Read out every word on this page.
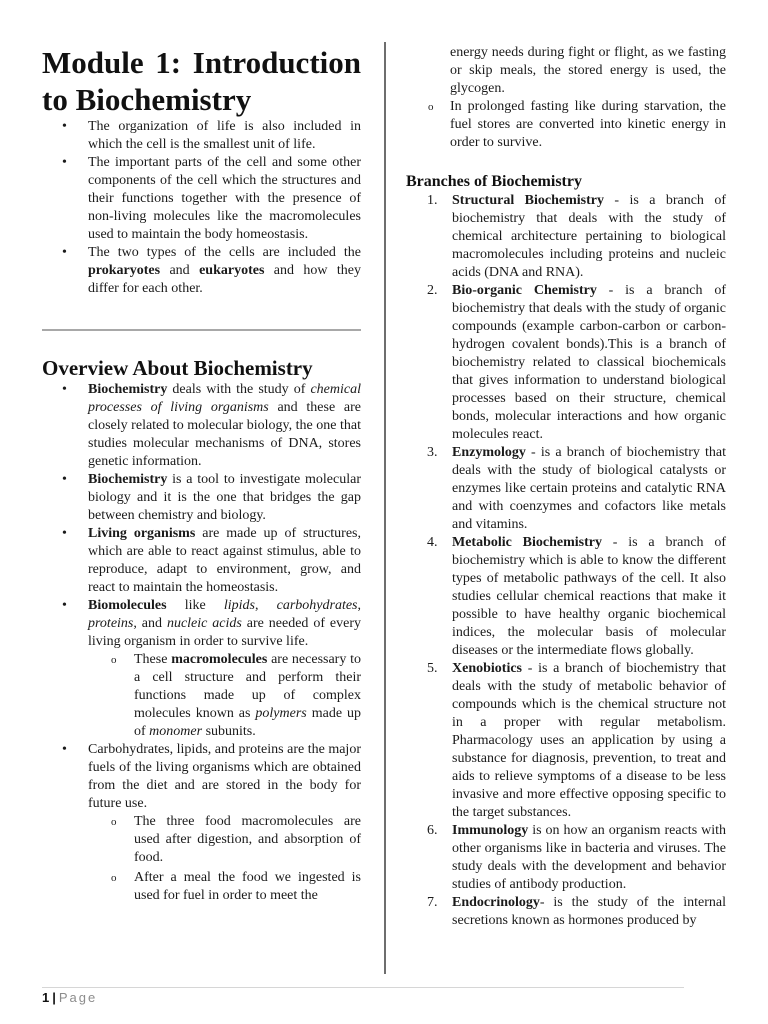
Module 1: Introduction
to Biochemistry
• The organization of life is also included in which the cell is the smallest unit of life.
• The important parts of the cell and some other components of the cell which the structures and their functions together with the presence of non-living molecules like the macromolecules used to maintain the body homeostasis.
• The two types of the cells are included the prokaryotes and eukaryotes and how they differ for each other.
Overview About Biochemistry
• Biochemistry deals with the study of chemical processes of living organisms and these are closely related to molecular biology, the one that studies molecular mechanisms of DNA, stores genetic information.
• Biochemistry is a tool to investigate molecular biology and it is the one that bridges the gap between chemistry and biology.
• Living organisms are made up of structures, which are able to react against stimulus, able to reproduce, adapt to environment, grow, and react to maintain the homeostasis.
• Biomolecules like lipids, carbohydrates, proteins, and nucleic acids are needed of every living organism in order to survive life.
o These macromolecules are necessary to a cell structure and perform their functions made up of complex molecules known as polymers made up of monomer subunits.
• Carbohydrates, lipids, and proteins are the major fuels of the living organisms which are obtained from the diet and are stored in the body for future use.
o The three food macromolecules are used after digestion, and absorption of food.
o After a meal the food we ingested is used for fuel in order to meet the
energy needs during fight or flight, as we fasting or skip meals, the stored energy is used, the glycogen.
o In prolonged fasting like during starvation, the fuel stores are converted into kinetic energy in order to survive.
Branches of Biochemistry
1. Structural Biochemistry - is a branch of biochemistry that deals with the study of chemical architecture pertaining to biological macromolecules including proteins and nucleic acids (DNA and RNA).
2. Bio-organic Chemistry - is a branch of biochemistry that deals with the study of organic compounds (example carbon-carbon or carbon- hydrogen covalent bonds).This is a branch of biochemistry related to classical biochemicals that gives information to understand biological processes based on their structure, chemical bonds, molecular interactions and how organic molecules react.
3. Enzymology - is a branch of biochemistry that deals with the study of biological catalysts or enzymes like certain proteins and catalytic RNA and with coenzymes and cofactors like metals and vitamins.
4. Metabolic Biochemistry - is a branch of biochemistry which is able to know the different types of metabolic pathways of the cell. It also studies cellular chemical reactions that make it possible to have healthy organic biochemical indices, the molecular basis of molecular diseases or the intermediate flows globally.
5. Xenobiotics - is a branch of biochemistry that deals with the study of metabolic behavior of compounds which is the chemical structure not in a proper with regular metabolism. Pharmacology uses an application by using a substance for diagnosis, prevention, to treat and aids to relieve symptoms of a disease to be less invasive and more effective opposing specific to the target substances.
6. Immunology is on how an organism reacts with other organisms like in bacteria and viruses. The study deals with the development and behavior studies of antibody production.
7. Endocrinology- is the study of the internal secretions known as hormones produced by
1 | Page
